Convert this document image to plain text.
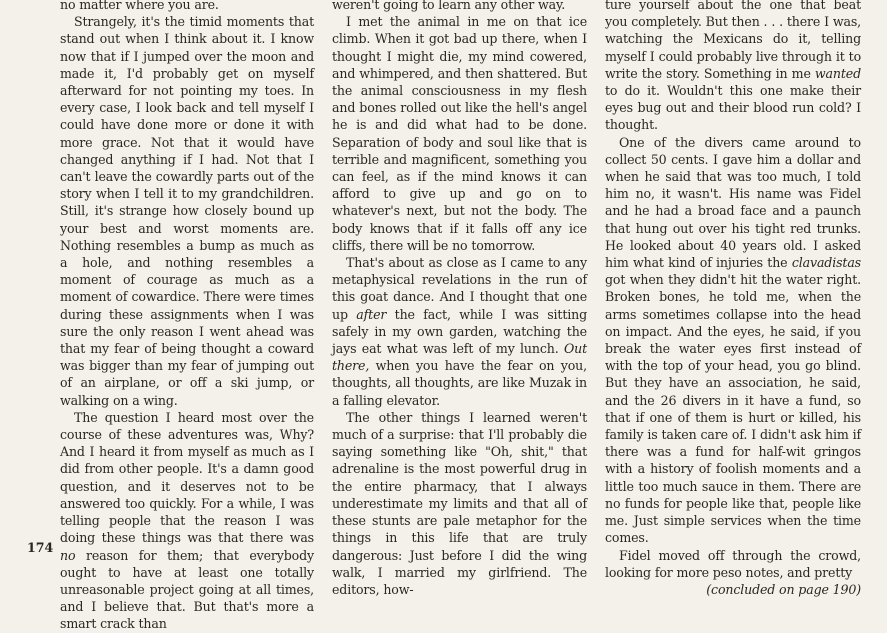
no matter where you are.

Strangely, it's the timid moments that stand out when I think about it. I know now that if I jumped over the moon and made it, I'd probably get on myself afterward for not pointing my toes. In every case, I look back and tell myself I could have done more or done it with more grace. Not that it would have changed anything if I had. Not that I can't leave the cowardly parts out of the story when I tell it to my grandchildren. Still, it's strange how closely bound up your best and worst moments are. Nothing resembles a bump as much as a hole, and nothing resembles a moment of courage as much as a moment of cowardice. There were times during these assignments when I was sure the only reason I went ahead was that my fear of being thought a coward was bigger than my fear of jumping out of an airplane, or off a ski jump, or walking on a wing.

The question I heard most over the course of these adventures was, Why? And I heard it from myself as much as I did from other people. It's a damn good question, and it deserves not to be answered too quickly. For a while, I was telling people that the reason I was doing these things was that there was no reason for them; that everybody ought to have at least one totally unreasonable project going at all times, and I believe that. But that's more a smart crack than

weren't going to learn any other way.

I met the animal in me on that ice climb. When it got bad up there, when I thought I might die, my mind cowered, and whimpered, and then shattered. But the animal consciousness in my flesh and bones rolled out like the hell's angel he is and did what had to be done. Separation of body and soul like that is terrible and magnificent, something you can feel, as if the mind knows it can afford to give up and go on to whatever's next, but not the body. The body knows that if it falls off any ice cliffs, there will be no tomorrow.

That's about as close as I came to any metaphysical revelations in the run of this goat dance. And I thought that one up after the fact, while I was sitting safely in my own garden, watching the jays eat what was left of my lunch. Out there, when you have the fear on you, thoughts, all thoughts, are like Muzak in a falling elevator.

The other things I learned weren't much of a surprise: that I'll probably die saying something like "Oh, shit," that adrenaline is the most powerful drug in the entire pharmacy, that I always underestimate my limits and that all of these stunts are pale metaphor for the things in this life that are truly dangerous: Just before I did the wing walk, I married my girlfriend. The editors, how-

ture yourself about the one that beat you completely. But then . . . there I was, watching the Mexicans do it, telling myself I could probably live through it to write the story. Something in me wanted to do it. Wouldn't this one make their eyes bug out and their blood run cold? I thought.

One of the divers came around to collect 50 cents. I gave him a dollar and when he said that was too much, I told him no, it wasn't. His name was Fidel and he had a broad face and a paunch that hung out over his tight red trunks. He looked about 40 years old. I asked him what kind of injuries the clavadistas got when they didn't hit the water right. Broken bones, he told me, when the arms sometimes collapse into the head on impact. And the eyes, he said, if you break the water eyes first instead of with the top of your head, you go blind. But they have an association, he said, and the 26 divers in it have a fund, so that if one of them is hurt or killed, his family is taken care of. I didn't ask him if there was a fund for half-wit gringos with a history of foolish moments and a little too much sauce in them. There are no funds for people like that, people like me. Just simple services when the time comes.

Fidel moved off through the crowd, looking for more peso notes, and pretty

(concluded on page 190)
174
